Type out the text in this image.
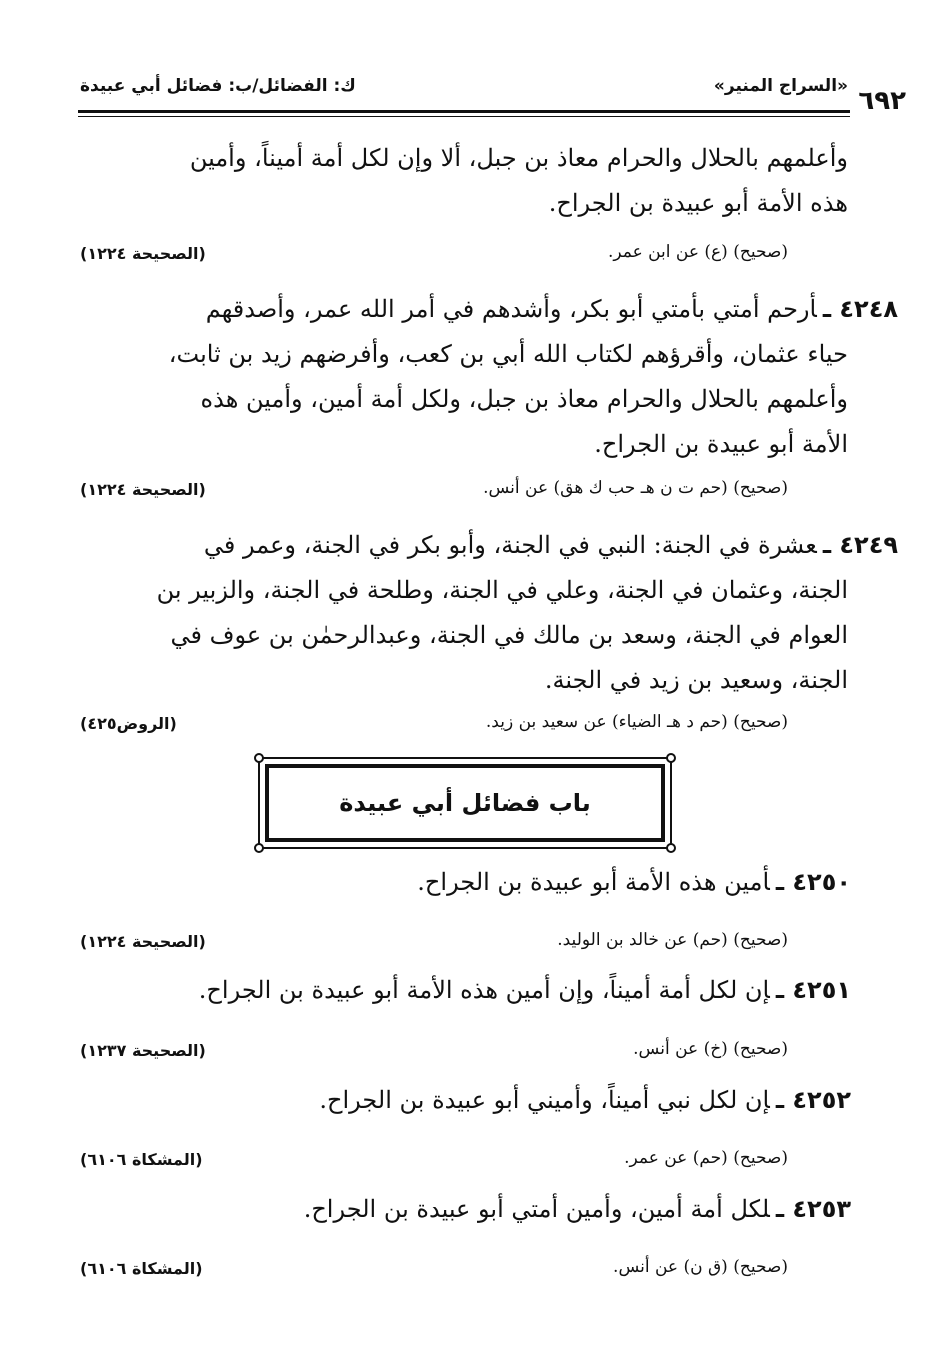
٦٩٢
«السراج المنير»
ك: الفضائل/ب: فضائل أبي عبيدة
وأعلمهم بالحلال والحرام معاذ بن جبل، ألا وإن لكل أمة أميناً، وأمين
هذه الأمة أبو عبيدة بن الجراح.
(صحيح) (ع) عن ابن عمر.
(الصحيحة ١٢٢٤)
٤٢٤٨ ـأرحم أمتي بأمتي أبو بكر، وأشدهم في أمر الله عمر، وأصدقهم
حياء عثمان، وأقرؤهم لكتاب الله أبي بن كعب، وأفرضهم زيد بن ثابت،
وأعلمهم بالحلال والحرام معاذ بن جبل، ولكل أمة أمين، وأمين هذه
الأمة أبو عبيدة بن الجراح.
(صحيح) (حم ت ن هـ حب ك هق) عن أنس.
(الصحيحة ١٢٢٤)
٤٢٤٩ ـعشرة في الجنة: النبي في الجنة، وأبو بكر في الجنة، وعمر في
الجنة، وعثمان في الجنة، وعلي في الجنة، وطلحة في الجنة، والزبير بن
العوام في الجنة، وسعد بن مالك في الجنة، وعبدالرحمٰن بن عوف في
الجنة، وسعيد بن زيد في الجنة.
(صحيح) (حم د هـ الضياء) عن سعيد بن زيد.
(الروض٤٢٥)
باب فضائل أبي عبيدة
٤٢٥٠ ـأمين هذه الأمة أبو عبيدة بن الجراح.
(صحيح) (حم) عن خالد بن الوليد.
(الصحيحة ١٢٢٤)
٤٢٥١ ـإن لكل أمة أميناً، وإن أمين هذه الأمة أبو عبيدة بن الجراح.
(صحيح) (خ) عن أنس.
(الصحيحة ١٢٣٧)
٤٢٥٢ ـإن لكل نبي أميناً، وأميني أبو عبيدة بن الجراح.
(صحيح) (حم) عن عمر.
(المشكاة ٦١٠٦)
٤٢٥٣ ـلكل أمة أمين، وأمين أمتي أبو عبيدة بن الجراح.
(صحيح) (ق ن) عن أنس.
(المشكاة ٦١٠٦)
